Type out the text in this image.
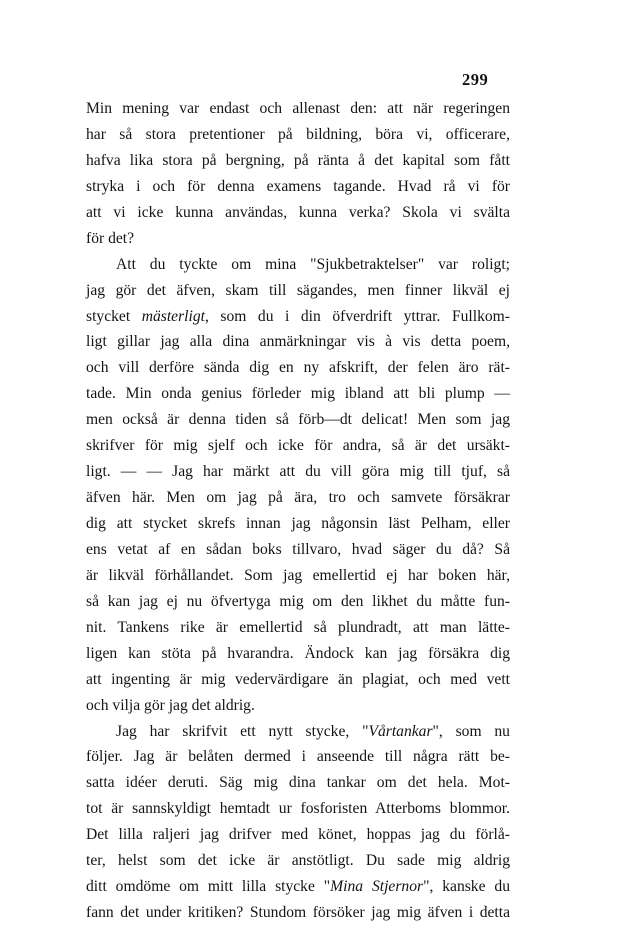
299
Min mening var endast och allenast den: att när regeringen
har så stora pretentioner på bildning, böra vi, officerare,
hafva lika stora på bergning, på ränta å det kapital som fått
stryka i och för denna examens tagande. Hvad rå vi för
att vi icke kunna användas, kunna verka? Skola vi svälta
för det?
Att du tyckte om mina "Sjukbetraktelser" var roligt;
jag gör det äfven, skam till sägandes, men finner likväl ej
stycket mästerligt, som du i din öfverdrift yttrar. Fullkom-
ligt gillar jag alla dina anmärkningar vis à vis detta poem,
och vill derföre sända dig en ny afskrift, der felen äro rät-
tade. Min onda genius förleder mig ibland att bli plump —
men också är denna tiden så förb—dt delicat! Men som jag
skrifver för mig sjelf och icke för andra, så är det ursäkt-
ligt. — — Jag har märkt att du vill göra mig till tjuf, så
äfven här. Men om jag på ära, tro och samvete försäkrar
dig att stycket skrefs innan jag någonsin läst Pelham, eller
ens vetat af en sådan boks tillvaro, hvad säger du då? Så
är likväl förhållandet. Som jag emellertid ej har boken här,
så kan jag ej nu öfvertyga mig om den likhet du måtte fun-
nit. Tankens rike är emellertid så plundradt, att man lätte-
ligen kan stöta på hvarandra. Ändock kan jag försäkra dig
att ingenting är mig vedervärdigare än plagiat, och med vett
och vilja gör jag det aldrig.
Jag har skrifvit ett nytt stycke, "Vårtankar", som nu
följer. Jag är belåten dermed i anseende till några rätt be-
satta idéer deruti. Säg mig dina tankar om det hela. Mot-
tot är sannskyldigt hemtadt ur fosforisten Atterboms blommor.
Det lilla raljeri jag drifver med könet, hoppas jag du förlå-
ter, helst som det icke är anstötligt. Du sade mig aldrig
ditt omdöme om mitt lilla stycke "Mina Stjernor", kanske du
fann det under kritiken? Stundom försöker jag mig äfven i detta
